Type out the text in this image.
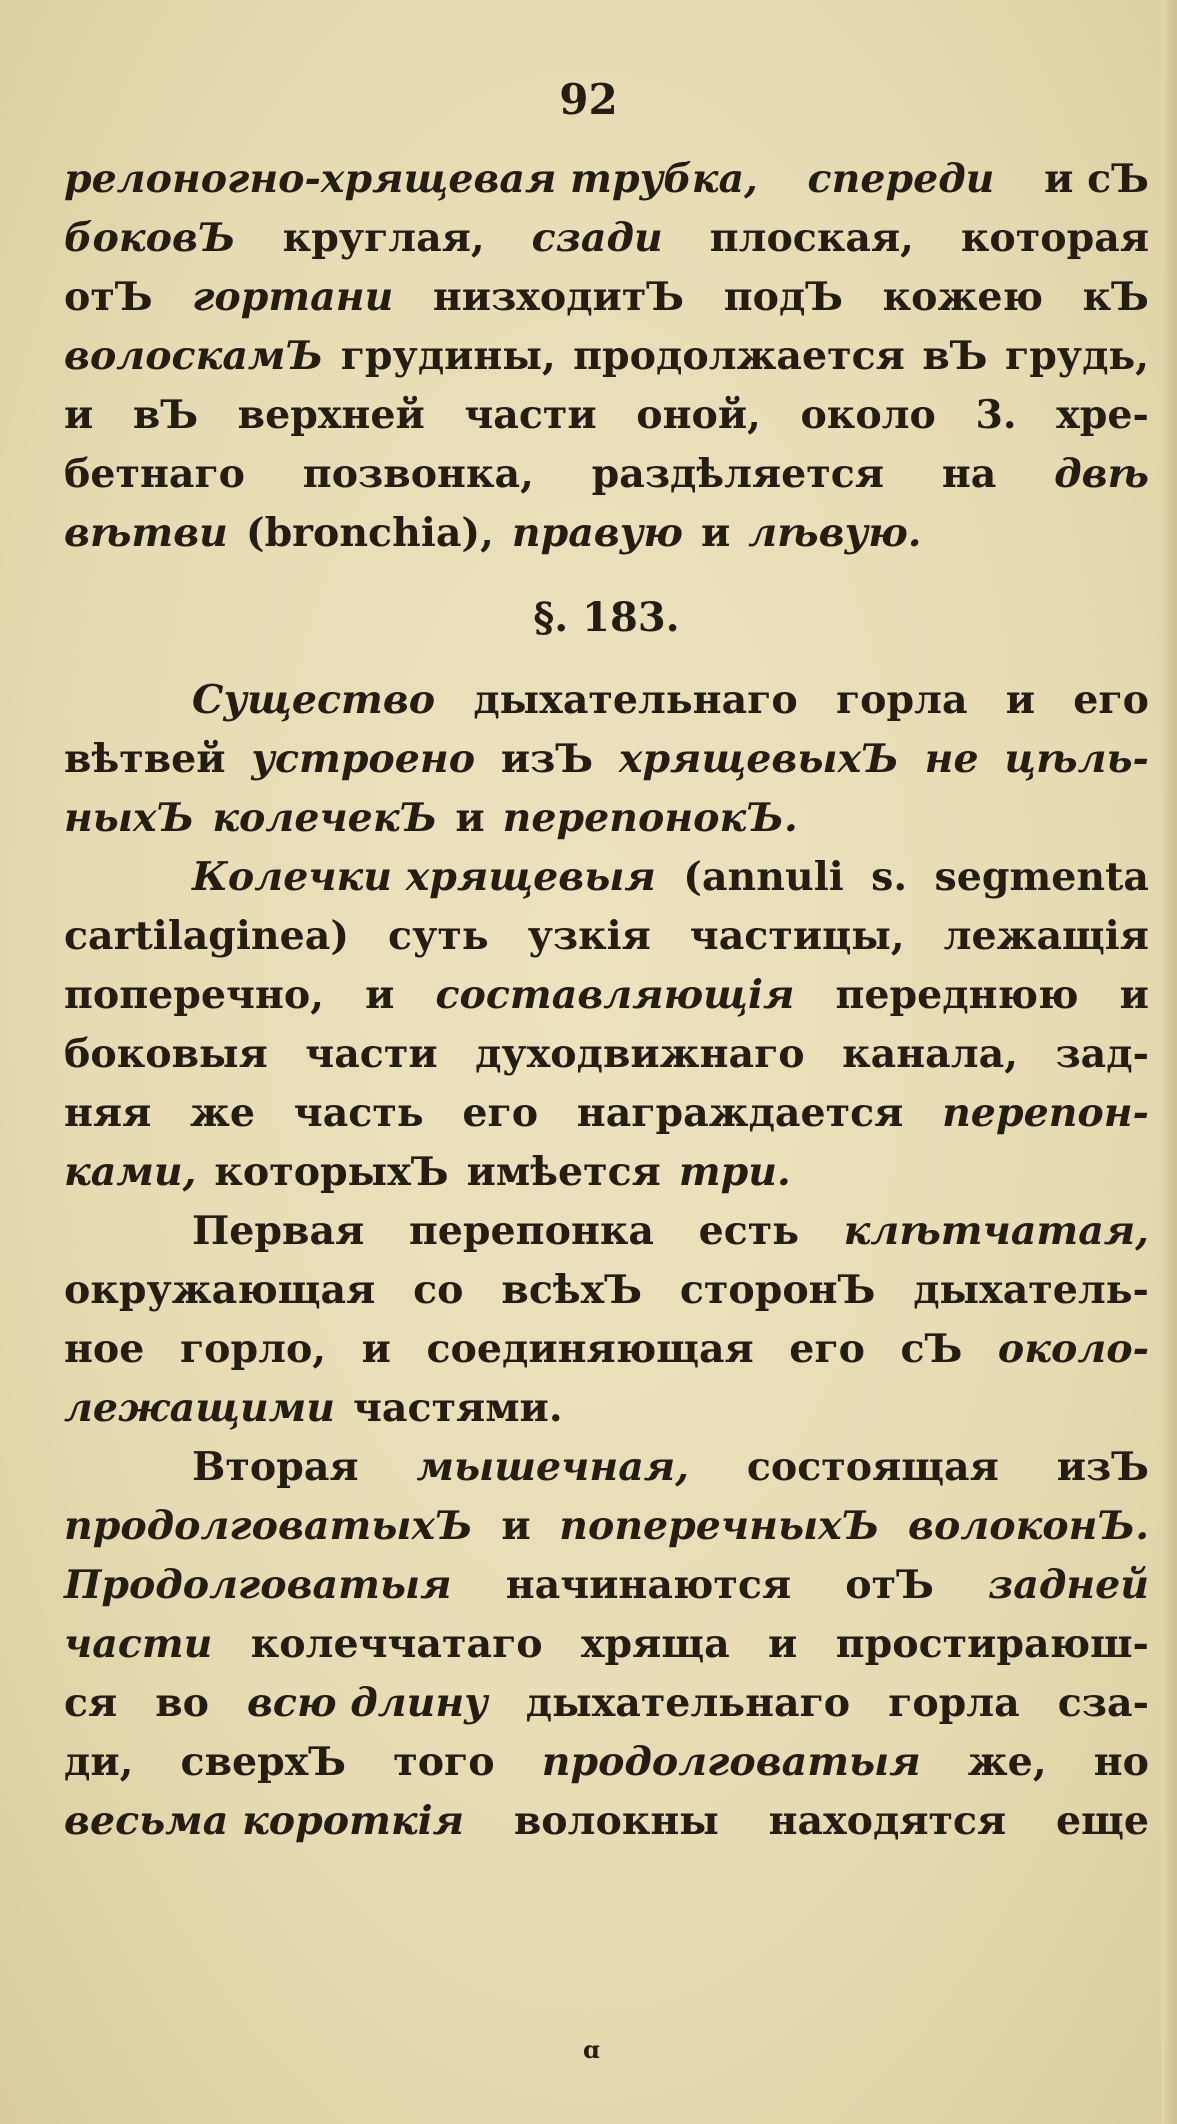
92
релоногно-хрящевая трубка, спереди и сЪ
боковЪ круглая, сзади плоская, которая
отЪ гортани низходитЪ подЪ кожею кЪ
волоскамЪ грудины, продолжается вЪ грудь,
и вЪ верхней части оной, около 3. хре-
бетнаго позвонка, раздѣляется на двѣ
вѣтви (bronchia), правую и лѣвую.
§. 183.
Существо дыхательнаго горла и его
вѣтвей устроено изЪ хрящевыхЪ не цѣль-
ныхЪ колечекЪ и перепонокЪ.
Колечки хрящевыя (annuli s. segmenta
cartilaginea) суть узкія частицы, лежащія
поперечно, и составляющія переднюю и
боковыя части духодвижнаго канала, зад-
няя же часть его награждается перепон-
ками, которыхЪ имѣется три.
Первая перепонка есть клѣтчатая,
окружающая со всѣхЪ сторонЪ дыхатель-
ное горло, и соединяющая его сЪ около-
лежащими частями.
Вторая мышечная, состоящая изЪ
продолговатыхЪ и поперечныхЪ волоконЪ.
Продолговатыя начинаются отЪ задней
части колеччатаго хряща и простираюш-
ся во всю длину дыхательнаго горла сза-
ди, сверхЪ того продолговатыя же, но
весьма короткія волокны находятся еще
ɑ
